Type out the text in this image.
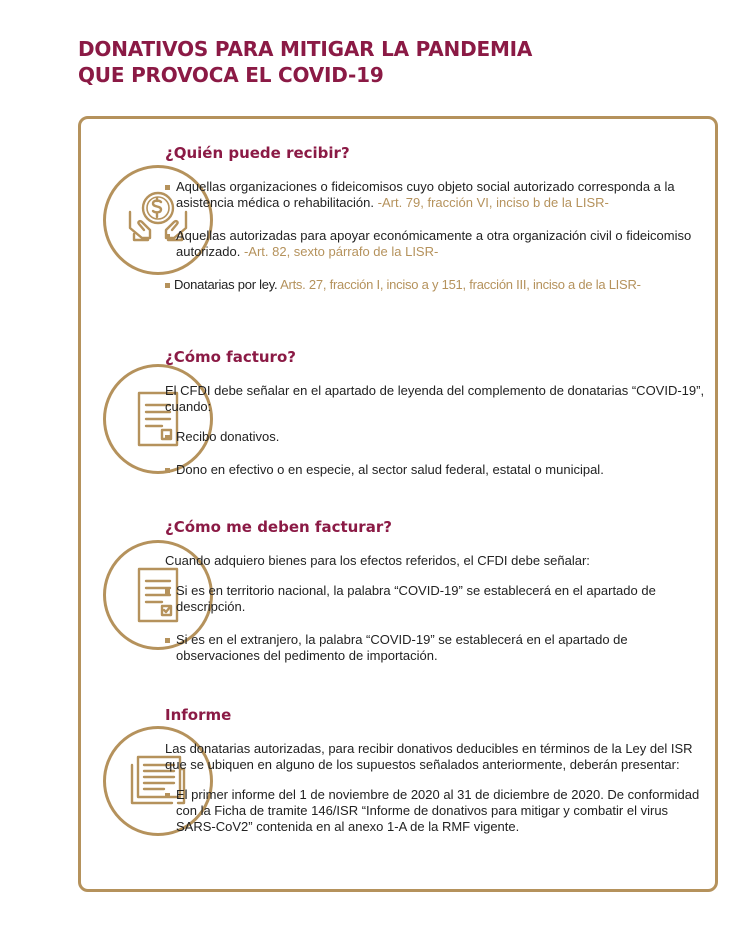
DONATIVOS PARA MITIGAR LA PANDEMIA
QUE PROVOCA EL COVID-19
¿Quién puede recibir?
Aquellas organizaciones o fideicomisos cuyo objeto social autorizado corresponda a la asistencia médica o rehabilitación. -Art. 79, fracción VI, inciso b de la LISR-
Aquellas autorizadas para apoyar económicamente a otra organización civil o fideicomiso autorizado. -Art. 82, sexto párrafo de la LISR-
Donatarias por ley. Arts. 27, fracción I, inciso a y 151, fracción III, inciso a de la LISR-
¿Cómo facturo?

El CFDI debe señalar en el apartado de leyenda del complemento de donatarias “COVID-19”, cuando:

Recibo donativos.
Dono en efectivo o en especie, al sector salud federal, estatal o municipal.
¿Cómo me deben facturar?

Cuando adquiero bienes para los efectos referidos, el CFDI debe señalar:

Si es en territorio nacional, la palabra “COVID-19” se establecerá en el apartado de descripción.
Si es en el extranjero, la palabra “COVID-19” se establecerá en el apartado de observaciones del pedimento de importación.
Informe

Las donatarias autorizadas, para recibir donativos deducibles en términos de la Ley del ISR que se ubiquen en alguno de los supuestos señalados anteriormente, deberán presentar:

El primer informe del 1 de noviembre de 2020 al 31 de diciembre de 2020. De conformidad con la Ficha de tramite 146/ISR “Informe de donativos para mitigar y combatir el virus SARS-CoV2” contenida en al anexo 1-A de la RMF vigente.
